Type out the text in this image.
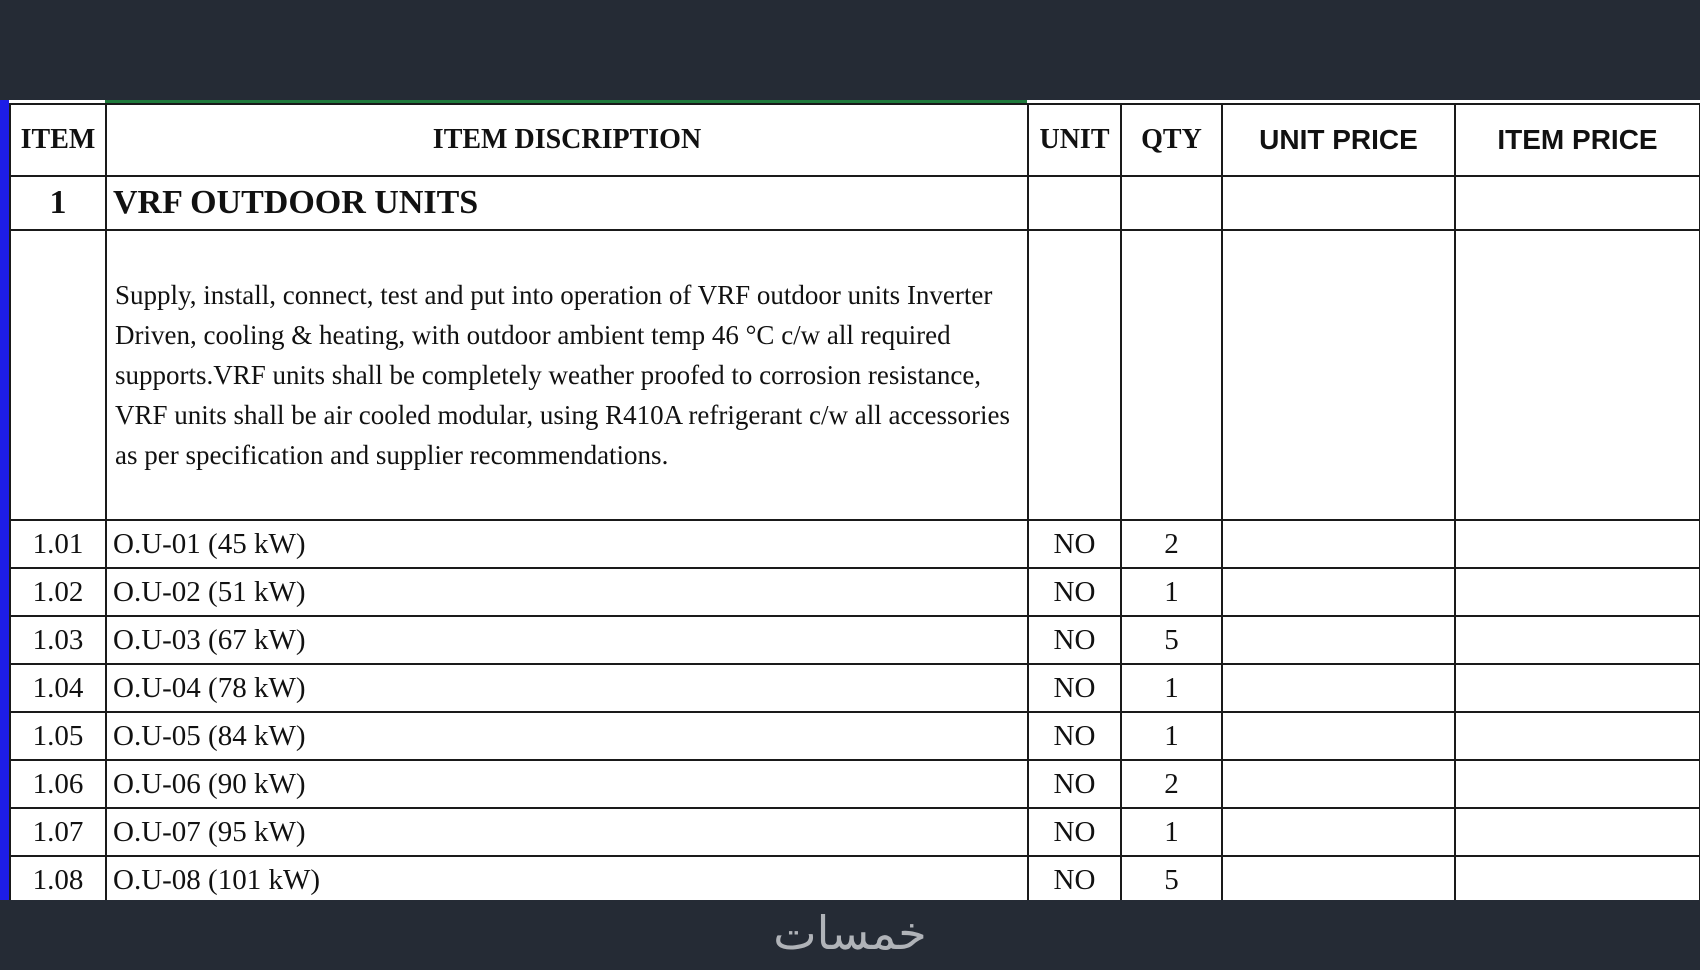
ITEM	ITEM DISCRIPTION	UNIT	QTY	UNIT PRICE	ITEM PRICE
1	VRF OUTDOOR UNITS				

	Supply, install, connect, test and put into operation of VRF outdoor units Inverter Driven, cooling & heating, with outdoor ambient temp 46 °C c/w all required supports.VRF units shall be completely weather proofed to corrosion resistance, VRF units shall be air cooled modular, using R410A refrigerant c/w all accessories as per specification and supplier recommendations.				

1.01	O.U-01 (45 kW)	NO	2		
1.02	O.U-02 (51 kW)	NO	1		
1.03	O.U-03 (67 kW)	NO	5		
1.04	O.U-04 (78 kW)	NO	1		
1.05	O.U-05 (84 kW)	NO	1		
1.06	O.U-06 (90 kW)	NO	2		
1.07	O.U-07 (95 kW)	NO	1		
1.08	O.U-08 (101 kW)	NO	5		
خمسات
